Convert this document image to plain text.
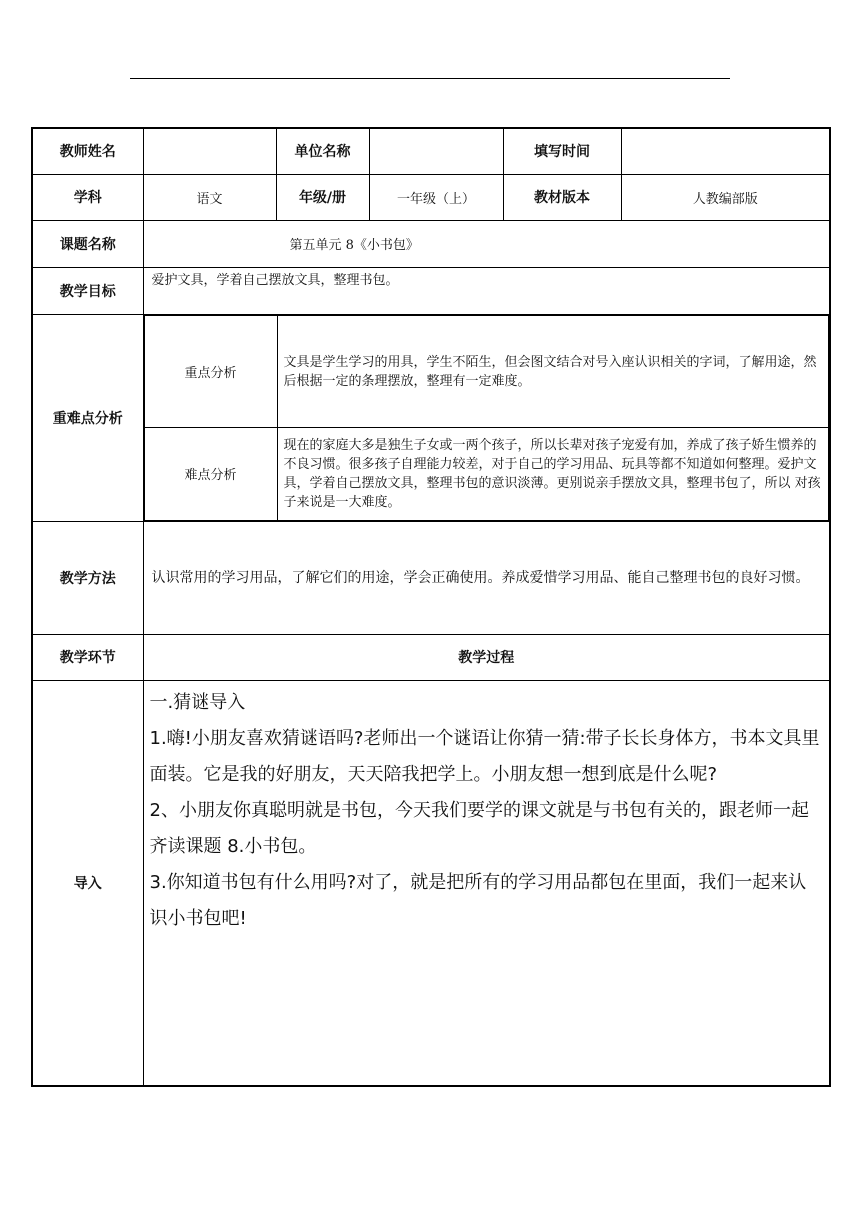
教师姓名		单位名称		填写时间	
学科	语文	年级/册	一年级（上）	教材版本	人教编部版
课题名称	第五单元 8《小书包》
教学目标	爱护文具，学着自己摆放文具，整理书包。
重难点分析	
重点分析	文具是学生学习的用具，学生不陌生，但会图文结合对号入座认识相关的字词，了解用途，然后根据一定的条理摆放，整理有一定难度。
难点分析	现在的家庭大多是独生子女或一两个孩子，所以长辈对孩子宠爱有加，养成了孩子娇生惯养的不良习惯。很多孩子自理能力较差，对于自己的学习用品、玩具等都不知道如何整理。爱护文具，学着自己摆放文具，整理书包的意识淡薄。更别说亲手摆放文具，整理书包了，所以 对孩子来说是一大难度。

教学方法	认识常用的学习用品，了解它们的用途，学会正确使用。养成爱惜学习用品、能自己整理书包的良好习惯。
教学环节	教学过程
导入	

一.猜谜导入

1.嗨!小朋友喜欢猜谜语吗?老师出一个谜语让你猜一猜:带子长长身体方，书本文具里面装。它是我的好朋友，天天陪我把学上。小朋友想一想到底是什么呢?

2、小朋友你真聪明就是书包，今天我们要学的课文就是与书包有关的，跟老师一起齐读课题 8.小书包。

3.你知道书包有什么用吗?对了，就是把所有的学习用品都包在里面，我们一起来认识小书包吧!
